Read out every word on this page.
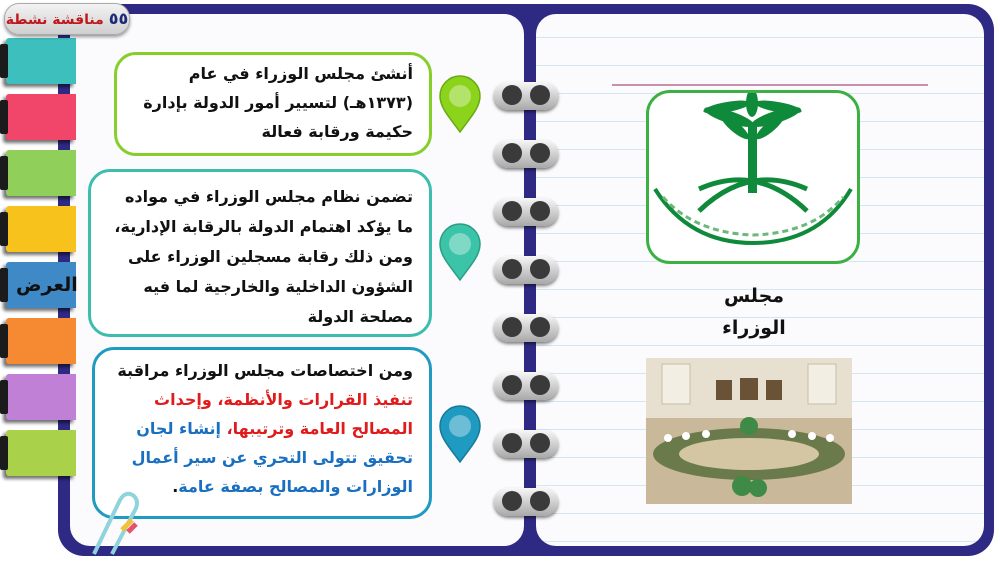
العرض
٥٥ مناقشة نشطة
أنشئ مجلس الوزراء في عام (١٣٧٣هـ) لتسيير أمور الدولة بإدارة حكيمة ورقابة فعالة
تضمن نظام مجلس الوزراء في مواده ما يؤكد اهتمام الدولة بالرقابة الإدارية، ومن ذلك رقابة مسجلين الوزراء على الشؤون الداخلية والخارجية لما فيه مصلحة الدولة
ومن اختصاصات مجلس الوزراء مراقبة تنفيذ القرارات والأنظمة، وإحداث المصالح العامة وترتيبها، إنشاء لجان تحقيق تتولى التحري عن سير أعمال الوزارات والمصالح بصفة عامة.
مجلس الوزراء
